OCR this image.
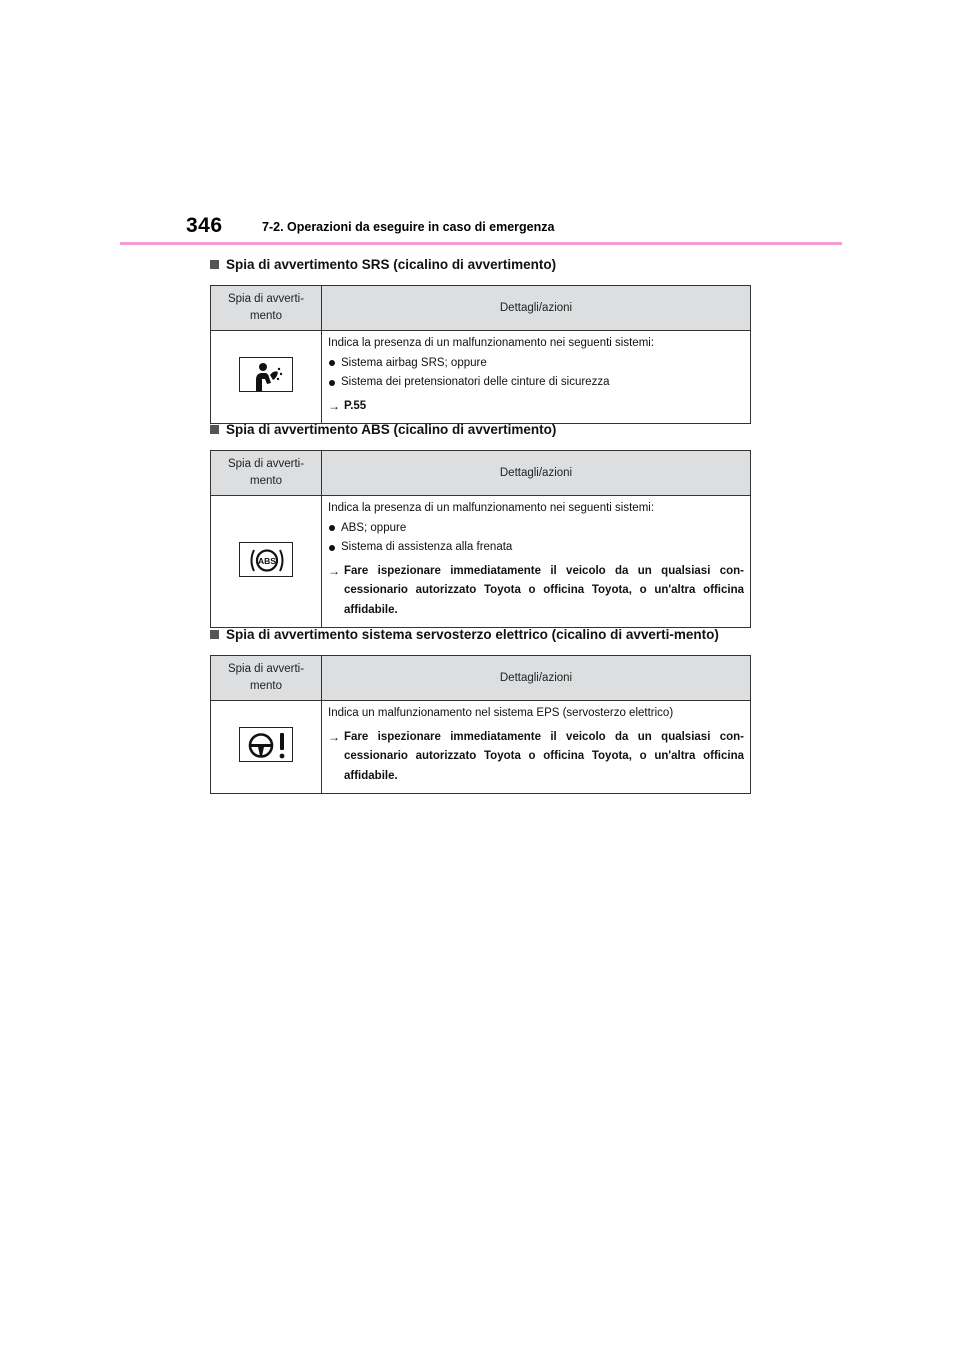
346	7-2. Operazioni da eseguire in caso di emergenza
Spia di avvertimento SRS (cicalino di avvertimento)
Spia di avverti-
mento	Dettagli/azioni

Indica la presenza di un malfunzionamento nei seguenti sistemi:
Sistema airbag SRS; oppure
Sistema dei pretensionatori delle cinture di sicurezza
→ P.55
Spia di avvertimento ABS (cicalino di avvertimento)
Spia di avverti-
mento	Dettagli/azioni

ABS	Indica la presenza di un malfunzionamento nei seguenti sistemi:
ABS; oppure
Sistema di assistenza alla frenata
→ Fare ispezionare immediatamente il veicolo da un qualsiasi con-cessionario autorizzato Toyota o officina Toyota, o un'altra officina affidabile.
Spia di avvertimento sistema servosterzo elettrico (cicalino di avverti-mento)
Spia di avverti-
mento	Dettagli/azioni

Indica un malfunzionamento nel sistema EPS (servosterzo elettrico)
→ Fare ispezionare immediatamente il veicolo da un qualsiasi con-cessionario autorizzato Toyota o officina Toyota, o un'altra officina affidabile.
